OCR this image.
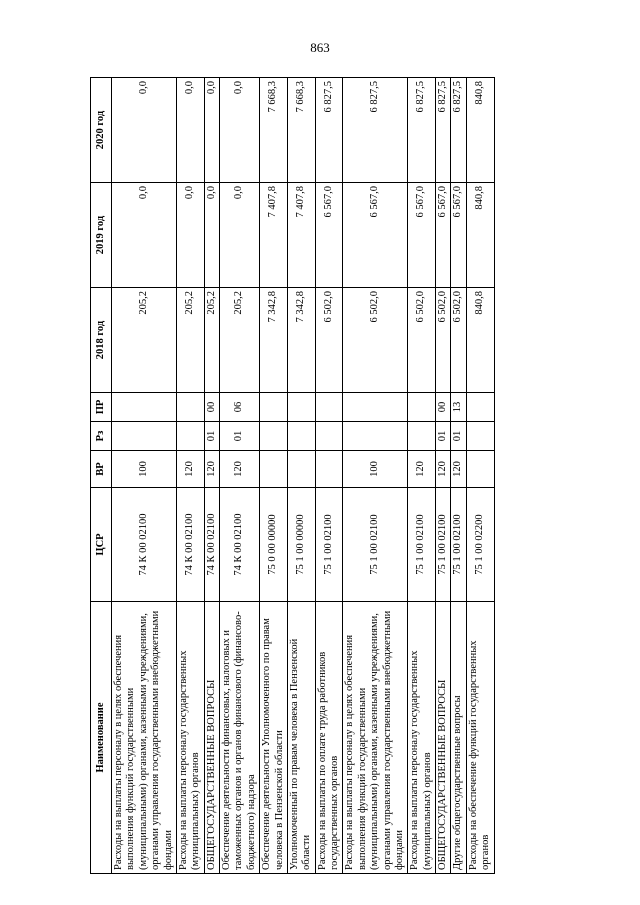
863
Наименование	ЦСР	ВР	Рз	ПР	2018 год	2019 год	2020 год
Расходы на выплаты персоналу в целях обеспечения выполнения функций государственными (муниципальными) органами, казенными учреждениями, органами управления государственными внебюджетными фондами	74 К 00 02100	100			205,2	0,0	0,0
Расходы на выплаты персоналу государственных (муниципальных) органов	74 К 00 02100	120			205,2	0,0	0,0
ОБЩЕГОСУДАРСТВЕННЫЕ ВОПРОСЫ	74 К 00 02100	120	01	00	205,2	0,0	0,0
Обеспечение деятельности финансовых, налоговых и таможенных органов и органов финансового (финансово-бюджетного) надзора	74 К 00 02100	120	01	06	205,2	0,0	0,0
Обеспечение деятельности Уполномоченного по правам человека в Пензенской области	75 0 00 00000				7 342,8	7 407,8	7 668,3
Уполномоченный по правам человека в Пензенской области	75 1 00 00000				7 342,8	7 407,8	7 668,3
Расходы на выплаты по оплате труда работников государственных органов	75 1 00 02100				6 502,0	6 567,0	6 827,5
Расходы на выплаты персоналу в целях обеспечения выполнения функций государственными (муниципальными) органами, казенными учреждениями, органами управления государственными внебюджетными фондами	75 1 00 02100	100			6 502,0	6 567,0	6 827,5
Расходы на выплаты персоналу государственных (муниципальных) органов	75 1 00 02100	120			6 502,0	6 567,0	6 827,5
ОБЩЕГОСУДАРСТВЕННЫЕ ВОПРОСЫ	75 1 00 02100	120	01	00	6 502,0	6 567,0	6 827,5
Другие общегосударственные вопросы	75 1 00 02100	120	01	13	6 502,0	6 567,0	6 827,5
Расходы на обеспечение функций государственных органов	75 1 00 02200				840,8	840,8	840,8
